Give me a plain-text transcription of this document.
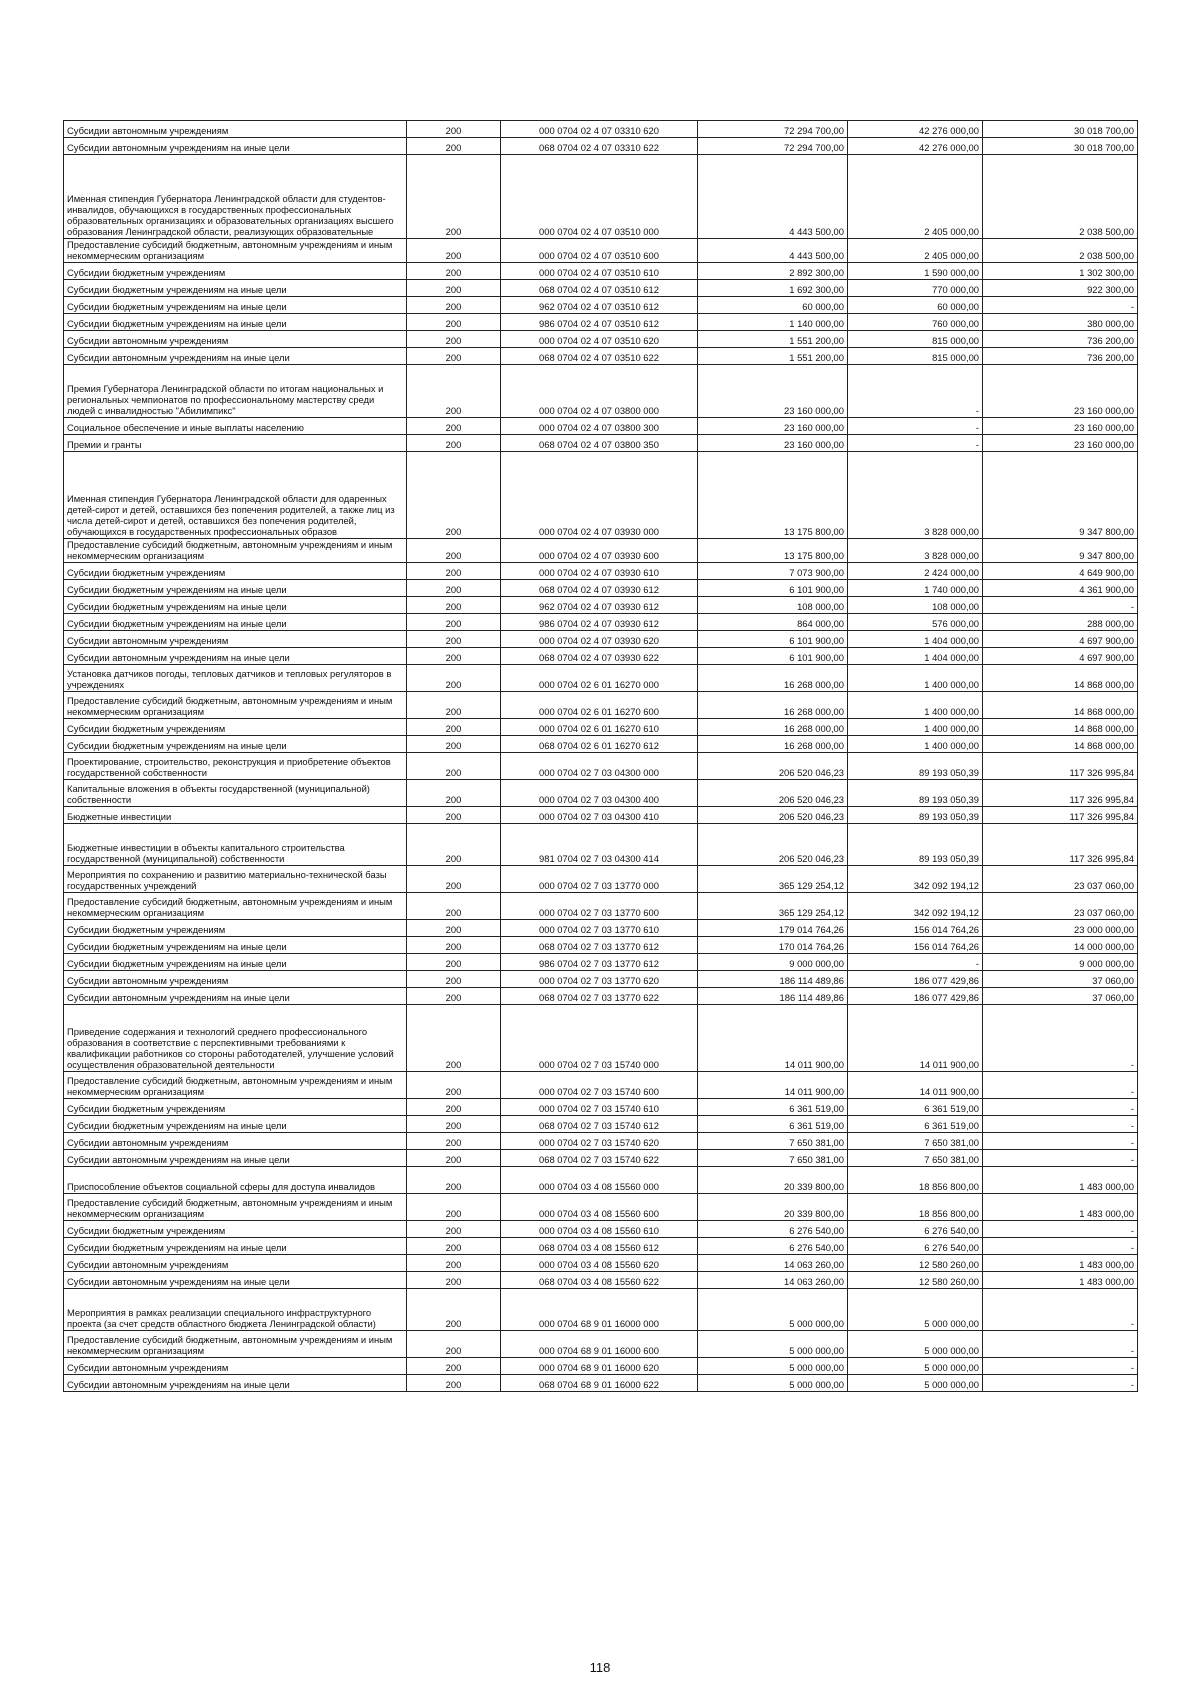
Субсидии автономным учреждениям	200	000 0704 02 4 07 03310 620	72 294 700,00	42 276 000,00	30 018 700,00
Субсидии автономным учреждениям на иные цели	200	068 0704 02 4 07 03310 622	72 294 700,00	42 276 000,00	30 018 700,00
Именная стипендия Губернатора Ленинградской области для студентов-инвалидов, обучающихся в государственных профессиональных образовательных организациях и образовательных организациях высшего образования Ленинградской области, реализующих образовательные	200	000 0704 02 4 07 03510 000	4 443 500,00	2 405 000,00	2 038 500,00
Предоставление субсидий бюджетным, автономным учреждениям и иным некоммерческим организациям	200	000 0704 02 4 07 03510 600	4 443 500,00	2 405 000,00	2 038 500,00
Субсидии бюджетным учреждениям	200	000 0704 02 4 07 03510 610	2 892 300,00	1 590 000,00	1 302 300,00
Субсидии бюджетным учреждениям на иные цели	200	068 0704 02 4 07 03510 612	1 692 300,00	770 000,00	922 300,00
Субсидии бюджетным учреждениям на иные цели	200	962 0704 02 4 07 03510 612	60 000,00	60 000,00	-
Субсидии бюджетным учреждениям на иные цели	200	986 0704 02 4 07 03510 612	1 140 000,00	760 000,00	380 000,00
Субсидии автономным учреждениям	200	000 0704 02 4 07 03510 620	1 551 200,00	815 000,00	736 200,00
Субсидии автономным учреждениям на иные цели	200	068 0704 02 4 07 03510 622	1 551 200,00	815 000,00	736 200,00
Премия Губернатора Ленинградской области по итогам национальных и региональных чемпионатов по профессиональному мастерству среди людей с инвалидностью "Абилимпикс"	200	000 0704 02 4 07 03800 000	23 160 000,00	-	23 160 000,00
Социальное обеспечение и иные выплаты населению	200	000 0704 02 4 07 03800 300	23 160 000,00	-	23 160 000,00
Премии и гранты	200	068 0704 02 4 07 03800 350	23 160 000,00	-	23 160 000,00
Именная стипендия Губернатора Ленинградской области для одаренных детей-сирот и детей, оставшихся без попечения родителей, а также лиц из числа детей-сирот и детей, оставшихся без попечения родителей, обучающихся в государственных профессиональных образов	200	000 0704 02 4 07 03930 000	13 175 800,00	3 828 000,00	9 347 800,00
Предоставление субсидий бюджетным, автономным учреждениям и иным некоммерческим организациям	200	000 0704 02 4 07 03930 600	13 175 800,00	3 828 000,00	9 347 800,00
Субсидии бюджетным учреждениям	200	000 0704 02 4 07 03930 610	7 073 900,00	2 424 000,00	4 649 900,00
Субсидии бюджетным учреждениям на иные цели	200	068 0704 02 4 07 03930 612	6 101 900,00	1 740 000,00	4 361 900,00
Субсидии бюджетным учреждениям на иные цели	200	962 0704 02 4 07 03930 612	108 000,00	108 000,00	-
Субсидии бюджетным учреждениям на иные цели	200	986 0704 02 4 07 03930 612	864 000,00	576 000,00	288 000,00
Субсидии автономным учреждениям	200	000 0704 02 4 07 03930 620	6 101 900,00	1 404 000,00	4 697 900,00
Субсидии автономным учреждениям на иные цели	200	068 0704 02 4 07 03930 622	6 101 900,00	1 404 000,00	4 697 900,00
Установка датчиков погоды, тепловых датчиков и тепловых регуляторов в учреждениях	200	000 0704 02 6 01 16270 000	16 268 000,00	1 400 000,00	14 868 000,00
Предоставление субсидий бюджетным, автономным учреждениям и иным некоммерческим организациям	200	000 0704 02 6 01 16270 600	16 268 000,00	1 400 000,00	14 868 000,00
Субсидии бюджетным учреждениям	200	000 0704 02 6 01 16270 610	16 268 000,00	1 400 000,00	14 868 000,00
Субсидии бюджетным учреждениям на иные цели	200	068 0704 02 6 01 16270 612	16 268 000,00	1 400 000,00	14 868 000,00
Проектирование, строительство, реконструкция и приобретение объектов государственной собственности	200	000 0704 02 7 03 04300 000	206 520 046,23	89 193 050,39	117 326 995,84
Капитальные вложения в объекты государственной (муниципальной) собственности	200	000 0704 02 7 03 04300 400	206 520 046,23	89 193 050,39	117 326 995,84
Бюджетные инвестиции	200	000 0704 02 7 03 04300 410	206 520 046,23	89 193 050,39	117 326 995,84
Бюджетные инвестиции в объекты капитального строительства государственной (муниципальной) собственности	200	981 0704 02 7 03 04300 414	206 520 046,23	89 193 050,39	117 326 995,84
Мероприятия по сохранению и развитию материально-технической базы государственных учреждений	200	000 0704 02 7 03 13770 000	365 129 254,12	342 092 194,12	23 037 060,00
Предоставление субсидий бюджетным, автономным учреждениям и иным некоммерческим организациям	200	000 0704 02 7 03 13770 600	365 129 254,12	342 092 194,12	23 037 060,00
Субсидии бюджетным учреждениям	200	000 0704 02 7 03 13770 610	179 014 764,26	156 014 764,26	23 000 000,00
Субсидии бюджетным учреждениям на иные цели	200	068 0704 02 7 03 13770 612	170 014 764,26	156 014 764,26	14 000 000,00
Субсидии бюджетным учреждениям на иные цели	200	986 0704 02 7 03 13770 612	9 000 000,00	-	9 000 000,00
Субсидии автономным учреждениям	200	000 0704 02 7 03 13770 620	186 114 489,86	186 077 429,86	37 060,00
Субсидии автономным учреждениям на иные цели	200	068 0704 02 7 03 13770 622	186 114 489,86	186 077 429,86	37 060,00
Приведение содержания и технологий среднего профессионального образования в соответствие с перспективными требованиями к квалификации работников со стороны работодателей, улучшение условий осуществления образовательной деятельности	200	000 0704 02 7 03 15740 000	14 011 900,00	14 011 900,00	-
Предоставление субсидий бюджетным, автономным учреждениям и иным некоммерческим организациям	200	000 0704 02 7 03 15740 600	14 011 900,00	14 011 900,00	-
Субсидии бюджетным учреждениям	200	000 0704 02 7 03 15740 610	6 361 519,00	6 361 519,00	-
Субсидии бюджетным учреждениям на иные цели	200	068 0704 02 7 03 15740 612	6 361 519,00	6 361 519,00	-
Субсидии автономным учреждениям	200	000 0704 02 7 03 15740 620	7 650 381,00	7 650 381,00	-
Субсидии автономным учреждениям на иные цели	200	068 0704 02 7 03 15740 622	7 650 381,00	7 650 381,00	-
Приспособление объектов социальной сферы для доступа инвалидов	200	000 0704 03 4 08 15560 000	20 339 800,00	18 856 800,00	1 483 000,00
Предоставление субсидий бюджетным, автономным учреждениям и иным некоммерческим организациям	200	000 0704 03 4 08 15560 600	20 339 800,00	18 856 800,00	1 483 000,00
Субсидии бюджетным учреждениям	200	000 0704 03 4 08 15560 610	6 276 540,00	6 276 540,00	-
Субсидии бюджетным учреждениям на иные цели	200	068 0704 03 4 08 15560 612	6 276 540,00	6 276 540,00	-
Субсидии автономным учреждениям	200	000 0704 03 4 08 15560 620	14 063 260,00	12 580 260,00	1 483 000,00
Субсидии автономным учреждениям на иные цели	200	068 0704 03 4 08 15560 622	14 063 260,00	12 580 260,00	1 483 000,00
Мероприятия в рамках реализации специального инфраструктурного проекта (за счет средств областного бюджета Ленинградской области)	200	000 0704 68 9 01 16000 000	5 000 000,00	5 000 000,00	-
Предоставление субсидий бюджетным, автономным учреждениям и иным некоммерческим организациям	200	000 0704 68 9 01 16000 600	5 000 000,00	5 000 000,00	-
Субсидии автономным учреждениям	200	000 0704 68 9 01 16000 620	5 000 000,00	5 000 000,00	-
Субсидии автономным учреждениям на иные цели	200	068 0704 68 9 01 16000 622	5 000 000,00	5 000 000,00	-
118
